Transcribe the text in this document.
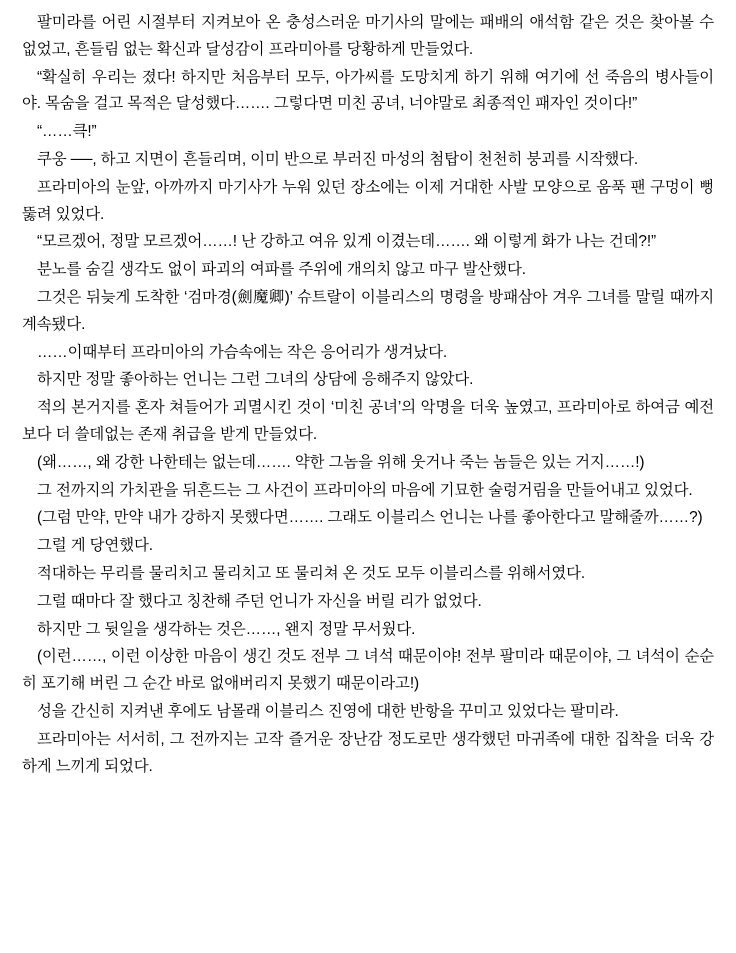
팔미라를 어린 시절부터 지켜보아 온 충성스러운 마기사의 말에는 패배의 애석함 같은 것은 찾아볼 수 없었고, 흔들림 없는 확신과 달성감이 프라미아를 당황하게 만들었다.

“확실히 우리는 졌다! 하지만 처음부터 모두, 아가씨를 도망치게 하기 위해 여기에 선 죽음의 병사들이야. 목숨을 걸고 목적은 달성했다……. 그렇다면 미친 공녀, 너야말로 최종적인 패자인 것이다!”

“……큭!”

쿠웅 ──, 하고 지면이 흔들리며, 이미 반으로 부러진 마성의 첨탑이 천천히 붕괴를 시작했다.

프라미아의 눈앞, 아까까지 마기사가 누워 있던 장소에는 이제 거대한 사발 모양으로 움푹 팬 구멍이 뻥 뚫려 있었다.

“모르겠어, 정말 모르겠어……! 난 강하고 여유 있게 이겼는데……. 왜 이렇게 화가 나는 건데?!”

분노를 숨길 생각도 없이 파괴의 여파를 주위에 개의치 않고 마구 발산했다.

그것은 뒤늦게 도착한 ‘검마경(劍魔卿)’ 슈트랄이 이블리스의 명령을 방패삼아 겨우 그녀를 말릴 때까지 계속됐다.

……이때부터 프라미아의 가슴속에는 작은 응어리가 생겨났다.

하지만 정말 좋아하는 언니는 그런 그녀의 상담에 응해주지 않았다.

적의 본거지를 혼자 쳐들어가 괴멸시킨 것이 ‘미친 공녀’의 악명을 더욱 높였고, 프라미아로 하여금 예전보다 더 쓸데없는 존재 취급을 받게 만들었다.

(왜……, 왜 강한 나한테는 없는데……. 약한 그놈을 위해 웃거나 죽는 놈들은 있는 거지……!)

그 전까지의 가치관을 뒤흔드는 그 사건이 프라미아의 마음에 기묘한 술렁거림을 만들어내고 있었다.

(그럼 만약, 만약 내가 강하지 못했다면……. 그래도 이블리스 언니는 나를 좋아한다고 말해줄까……?)

그럴 게 당연했다.

적대하는 무리를 물리치고 물리치고 또 물리쳐 온 것도 모두 이블리스를 위해서였다.

그럴 때마다 잘 했다고 칭찬해 주던 언니가 자신을 버릴 리가 없었다.

하지만 그 뒷일을 생각하는 것은……, 왠지 정말 무서웠다.

(이런……, 이런 이상한 마음이 생긴 것도 전부 그 녀석 때문이야! 전부 팔미라 때문이야, 그 녀석이 순순히 포기해 버린 그 순간 바로 없애버리지 못했기 때문이라고!)

성을 간신히 지켜낸 후에도 남몰래 이블리스 진영에 대한 반항을 꾸미고 있었다는 팔미라.

프라미아는 서서히, 그 전까지는 고작 즐거운 장난감 정도로만 생각했던 마귀족에 대한 집착을 더욱 강하게 느끼게 되었다.
